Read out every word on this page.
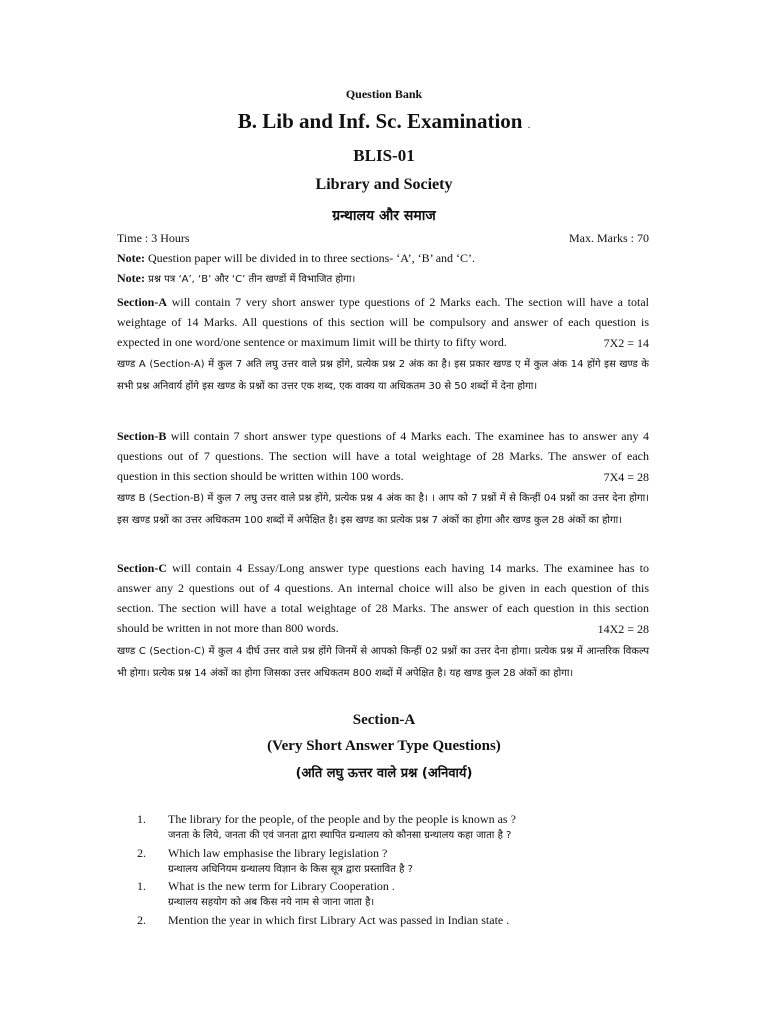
Question Bank
B. Lib and Inf. Sc. Examination .
BLIS-01
Library and Society
ग्रन्थालय और समाज
Time : 3 Hours	Max. Marks : 70
Note: Question paper will be divided in to three sections- ‘A’, ‘B’ and ‘C’.
Note: प्रश्न पत्र ‘A’, ‘B’ और ‘C’ तीन खण्डों में विभाजित होगा।
Section-A will contain 7 very short answer type questions of 2 Marks each. The section will have a total weightage of 14 Marks. All questions of this section will be compulsory and answer of each question is expected in one word/one sentence or maximum limit will be thirty to fifty word.	7X2 = 14
खण्ड A (Section-A) में कुल 7 अति लघु उत्तर वाले प्रश्न होंगे, प्रत्येक प्रश्न 2 अंक का है। इस प्रकार खण्ड ए में कुल अंक 14 होंगे इस खण्ड के सभी प्रश्न अनिवार्य होंगे इस खण्ड के प्रश्नों का उत्तर एक शब्द, एक वाक्य या अधिकतम 30 से 50 शब्दों में देना होगा।
Section-B will contain 7 short answer type questions of 4 Marks each. The examinee has to answer any 4 questions out of 7 questions. The section will have a total weightage of 28 Marks. The answer of each question in this section should be written within 100 words.	7X4 = 28
खण्ड B (Section-B) में कुल 7 लघु उत्तर वाले प्रश्न होंगे, प्रत्येक प्रश्न 4 अंक का है। । आप को 7 प्रश्नों में से किन्हीं 04 प्रश्नों का उत्तर देना होगा। इस खण्ड प्रश्नों का उत्तर अधिकतम 100 शब्दों में अपेक्षित है। इस खण्ड का प्रत्येक प्रश्न 7 अंकों का होगा और खण्ड कुल 28 अंकों का होगा।
Section-C will contain 4 Essay/Long answer type questions each having 14 marks. The examinee has to answer any 2 questions out of 4 questions. An internal choice will also be given in each question of this section. The section will have a total weightage of 28 Marks. The answer of each question in this section should be written in not more than 800 words.	14X2 = 28
खण्ड C (Section-C) में कुल 4 दीर्घ उत्तर वाले प्रश्न होंगे जिनमें से आपको किन्हीं 02 प्रश्नों का उत्तर देना होगा। प्रत्येक प्रश्न में आन्तरिक विकल्प भी होगा। प्रत्येक प्रश्न 14 अंकों का होगा जिसका उत्तर अधिकतम 800 शब्दों में अपेक्षित है। यह खण्ड कुल 28 अंकों का होगा।
Section-A
(Very Short Answer Type Questions)
(अति लघु ऊत्तर वाले प्रश्न (अनिवार्य)
1. The library for the people, of the people and by the people is known as ?
जनता के लिये, जनता की एवं जनता द्वारा स्थापित ग्रन्थालय को कौनसा ग्रन्थालय कहा जाता है ?
2. Which law emphasise the library legislation ?
ग्रन्थालय अधिनियम ग्रन्थालय विज्ञान के किस सूत्र द्वारा प्रस्तावित है ?
1. What is the new term for Library Cooperation .
ग्रन्थालय सहयोग को अब किस नये नाम से जाना जाता है।
2. Mention the year in which first Library Act was passed in Indian state .
